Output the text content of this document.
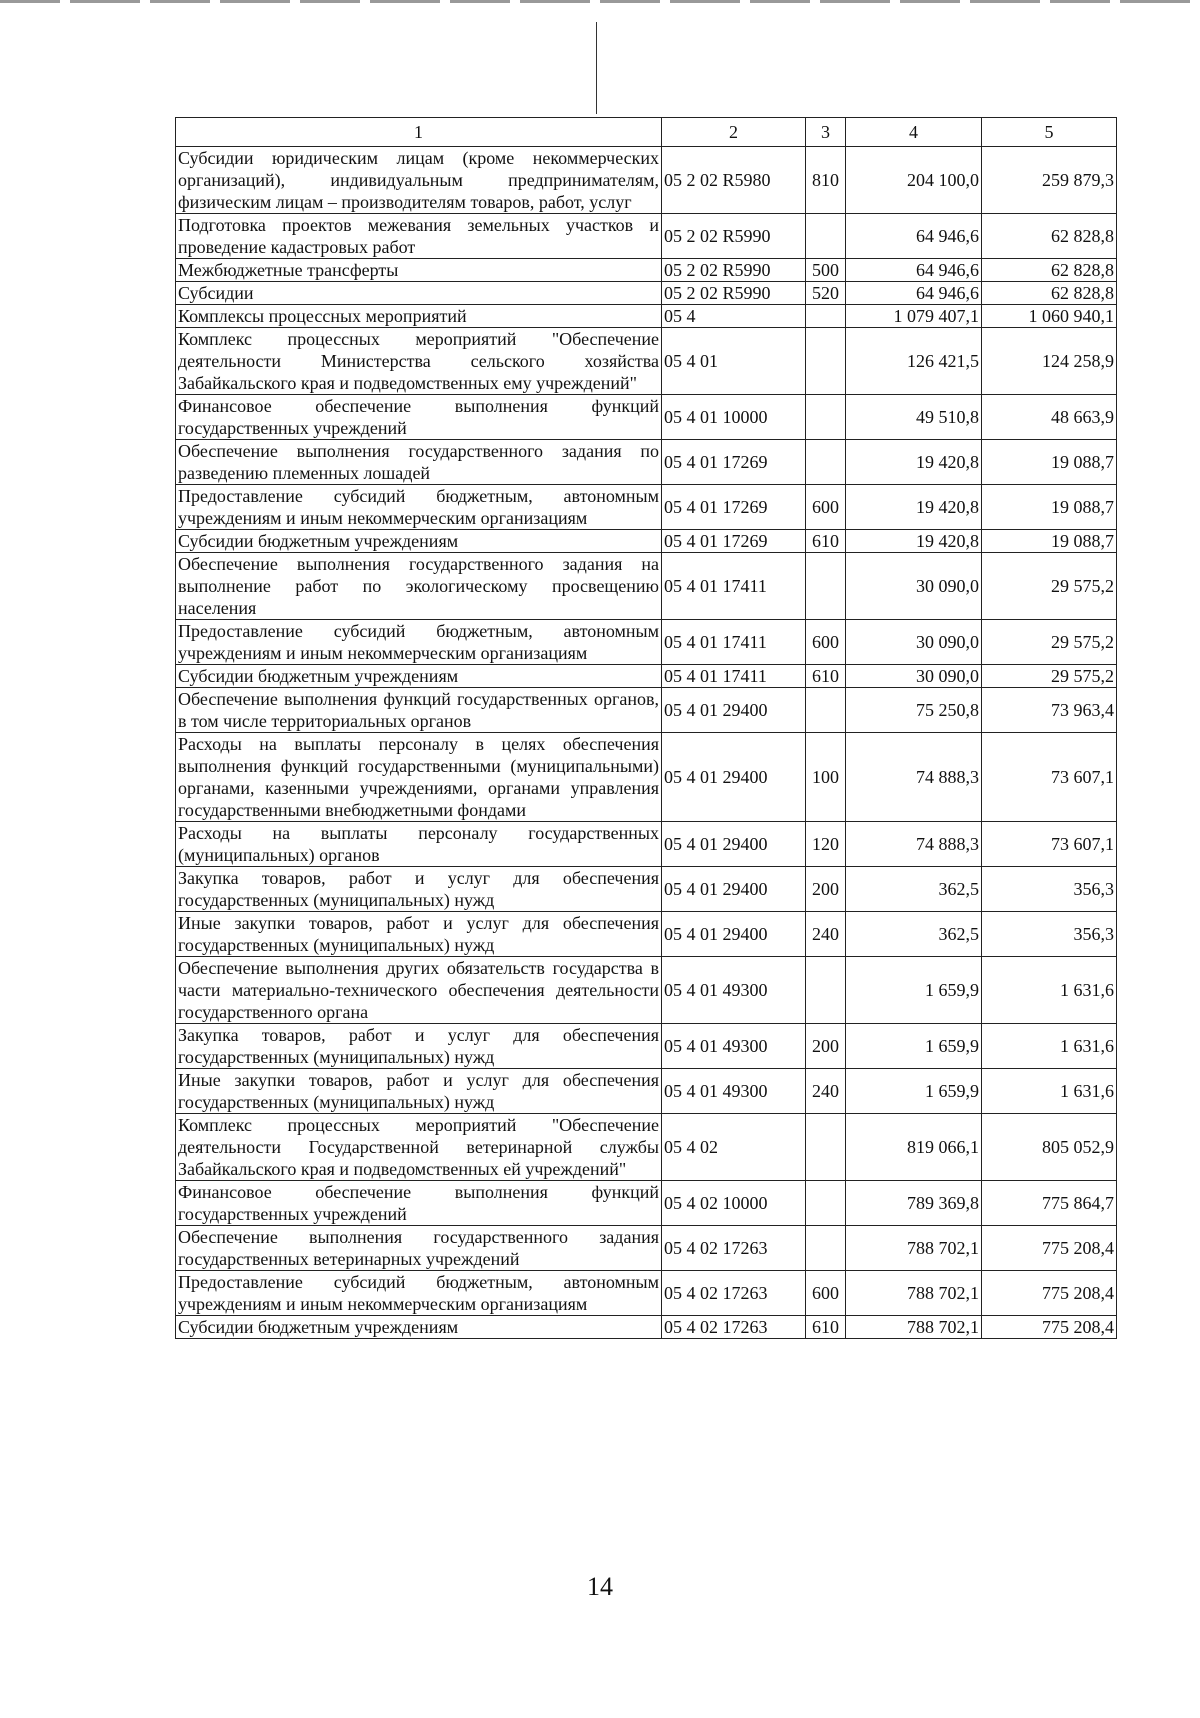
1	2	3	4	5
Субсидии юридическим лицам (кроме некоммерческих организаций), индивидуальным предпринимателям, физическим лицам – производителям товаров, работ, услуг	05 2 02 R5980	810	204 100,0	259 879,3
Подготовка проектов межевания земельных участков и проведение кадастровых работ	05 2 02 R5990		64 946,6	62 828,8
Межбюджетные трансферты	05 2 02 R5990	500	64 946,6	62 828,8
Субсидии	05 2 02 R5990	520	64 946,6	62 828,8
Комплексы процессных мероприятий	05 4		1 079 407,1	1 060 940,1
Комплекс процессных мероприятий "Обеспечение деятельности Министерства сельского хозяйства Забайкальского края и подведомственных ему учреждений"	05 4 01		126 421,5	124 258,9
Финансовое обеспечение выполнения функций государственных учреждений	05 4 01 10000		49 510,8	48 663,9
Обеспечение выполнения государственного задания по разведению племенных лошадей	05 4 01 17269		19 420,8	19 088,7
Предоставление субсидий бюджетным, автономным учреждениям и иным некоммерческим организациям	05 4 01 17269	600	19 420,8	19 088,7
Субсидии бюджетным учреждениям	05 4 01 17269	610	19 420,8	19 088,7
Обеспечение выполнения государственного задания на выполнение работ по экологическому просвещению населения	05 4 01 17411		30 090,0	29 575,2
Предоставление субсидий бюджетным, автономным учреждениям и иным некоммерческим организациям	05 4 01 17411	600	30 090,0	29 575,2
Субсидии бюджетным учреждениям	05 4 01 17411	610	30 090,0	29 575,2
Обеспечение выполнения функций государственных органов, в том числе территориальных органов	05 4 01 29400		75 250,8	73 963,4
Расходы на выплаты персоналу в целях обеспечения выполнения функций государственными (муниципальными) органами, казенными учреждениями, органами управления государственными внебюджетными фондами	05 4 01 29400	100	74 888,3	73 607,1
Расходы на выплаты персоналу государственных (муниципальных) органов	05 4 01 29400	120	74 888,3	73 607,1
Закупка товаров, работ и услуг для обеспечения государственных (муниципальных) нужд	05 4 01 29400	200	362,5	356,3
Иные закупки товаров, работ и услуг для обеспечения государственных (муниципальных) нужд	05 4 01 29400	240	362,5	356,3
Обеспечение выполнения других обязательств государства в части материально-технического обеспечения деятельности государственного органа	05 4 01 49300		1 659,9	1 631,6
Закупка товаров, работ и услуг для обеспечения государственных (муниципальных) нужд	05 4 01 49300	200	1 659,9	1 631,6
Иные закупки товаров, работ и услуг для обеспечения государственных (муниципальных) нужд	05 4 01 49300	240	1 659,9	1 631,6
Комплекс процессных мероприятий "Обеспечение деятельности Государственной ветеринарной службы Забайкальского края и подведомственных ей учреждений"	05 4 02		819 066,1	805 052,9
Финансовое обеспечение выполнения функций государственных учреждений	05 4 02 10000		789 369,8	775 864,7
Обеспечение выполнения государственного задания государственных ветеринарных учреждений	05 4 02 17263		788 702,1	775 208,4
Предоставление субсидий бюджетным, автономным учреждениям и иным некоммерческим организациям	05 4 02 17263	600	788 702,1	775 208,4
Субсидии бюджетным учреждениям	05 4 02 17263	610	788 702,1	775 208,4
14
